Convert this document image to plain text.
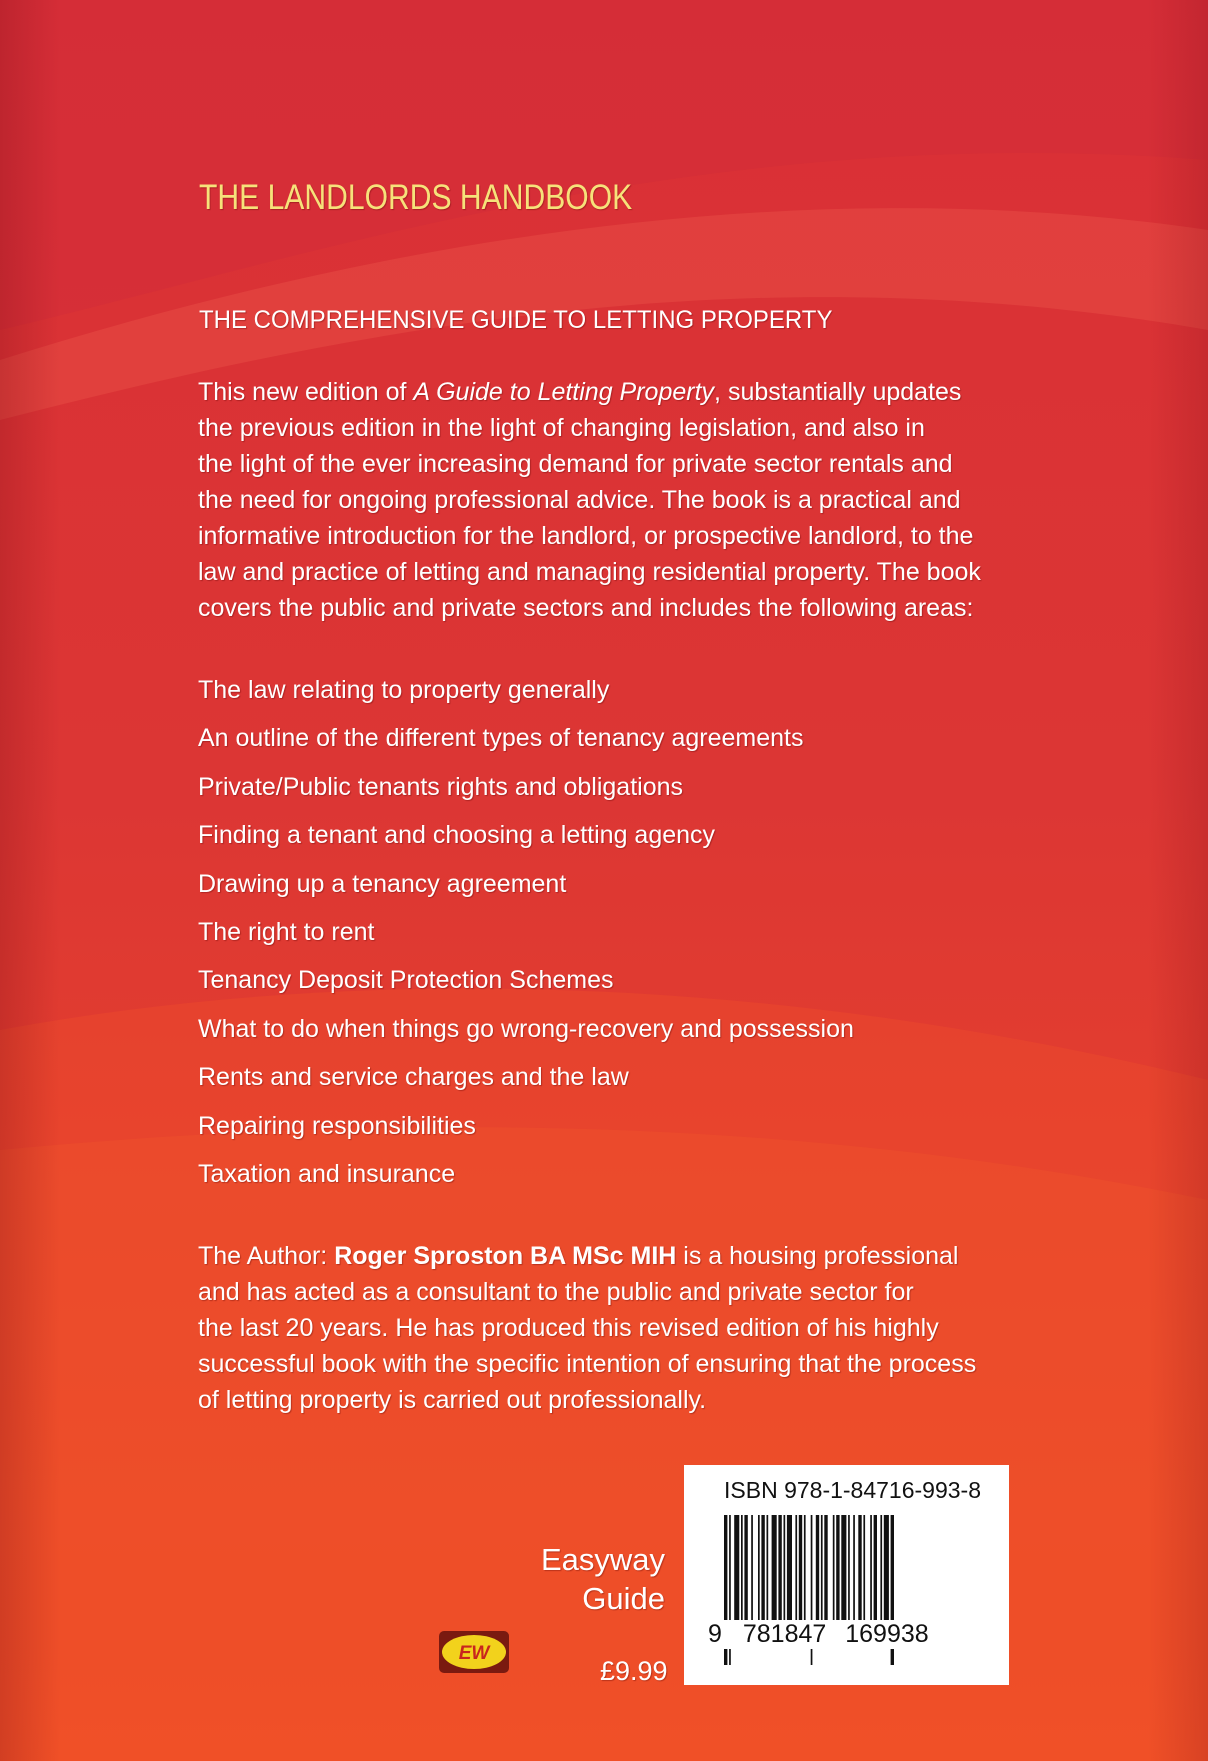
THE LANDLORDS HANDBOOK
THE COMPREHENSIVE GUIDE TO LETTING PROPERTY
This new edition of A Guide to Letting Property, substantially updates
the previous edition in the light of changing legislation, and also in
the light of the ever increasing demand for private sector rentals and
the need for ongoing professional advice. The book is a practical and
informative introduction for the landlord, or prospective landlord, to the
law and practice of letting and managing residential property. The book
covers the public and private sectors and includes the following areas:
The law relating to property generally
An outline of the different types of tenancy agreements
Private/Public tenants rights and obligations
Finding a tenant and choosing a letting agency
Drawing up a tenancy agreement
The right to rent
Tenancy Deposit Protection Schemes
What to do when things go wrong-recovery and possession
Rents and service charges and the law
Repairing responsibilities
Taxation and insurance
The Author: Roger Sproston BA MSc MIH is a housing professional
and has acted as a consultant to the public and private sector for
the last 20 years. He has produced this revised edition of his highly
successful book with the specific intention of ensuring that the process
of letting property is carried out professionally.
Easyway
Guide
EW
£9.99
ISBN 978-1-84716-993-8
9 781847 169938
